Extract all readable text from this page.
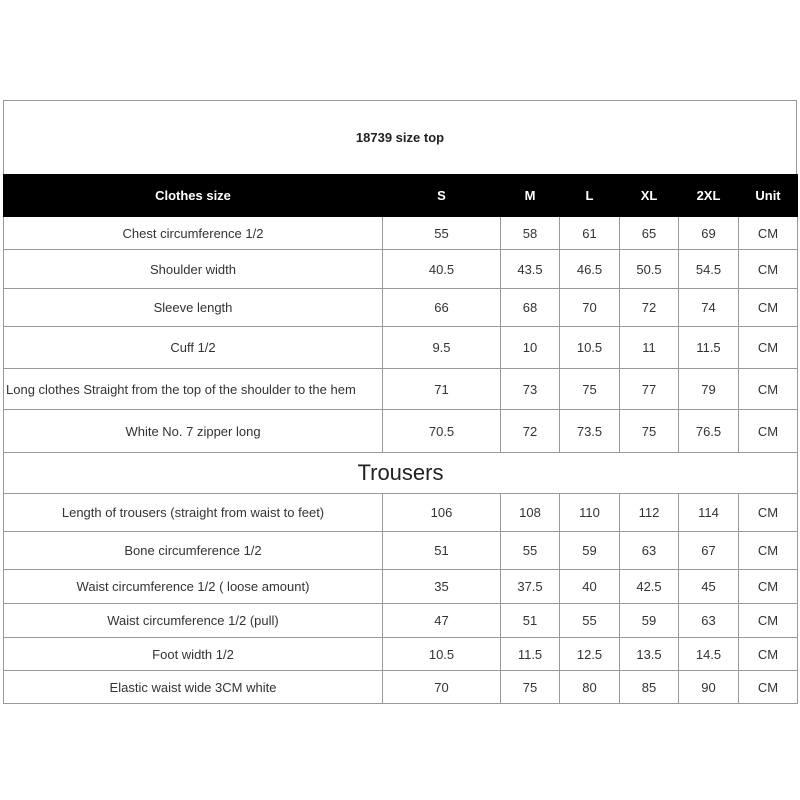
18739 size top
Clothes size	S	M	L	XL	2XL	Unit
Chest circumference 1/2	55	58	61	65	69	CM
Shoulder width	40.5	43.5	46.5	50.5	54.5	CM
Sleeve length	66	68	70	72	74	CM
Cuff 1/2	9.5	10	10.5	11	11.5	CM
Long clothes Straight from the top of the shoulder to the hem	71	73	75	77	79	CM
White No. 7 zipper long	70.5	72	73.5	75	76.5	CM
Trousers						
Length of trousers (straight from waist to feet)	106	108	110	112	114	CM
Bone circumference 1/2	51	55	59	63	67	CM
Waist circumference 1/2 ( loose amount)	35	37.5	40	42.5	45	CM
Waist circumference 1/2 (pull)	47	51	55	59	63	CM
Foot width 1/2	10.5	11.5	12.5	13.5	14.5	CM
Elastic waist wide 3CM white	70	75	80	85	90	CM
